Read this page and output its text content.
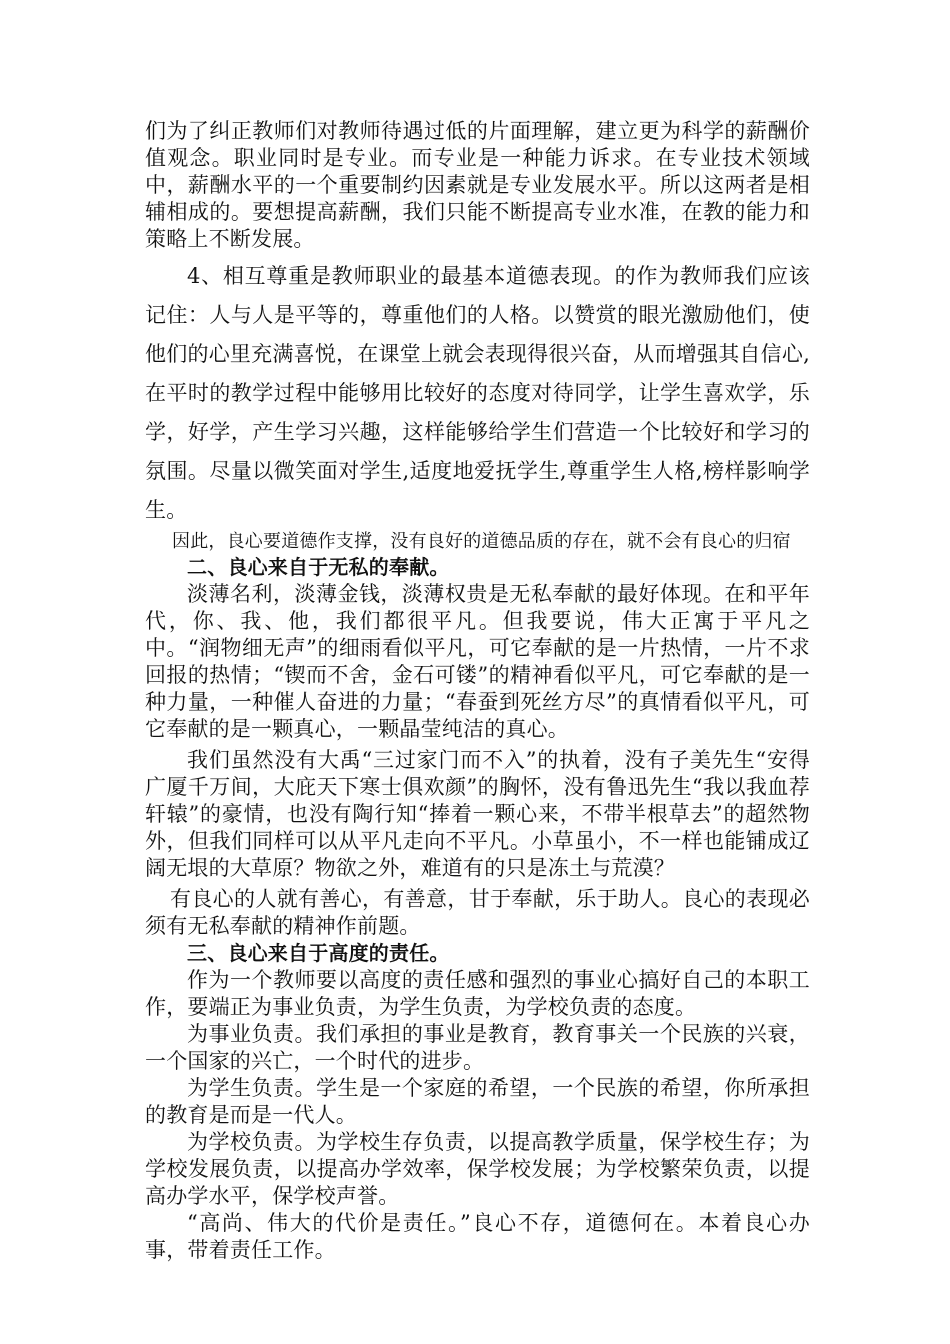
们为了纠正教师们对教师待遇过低的片面理解，建立更为科学的薪酬价值观念。职业同时是专业。而专业是一种能力诉求。在专业技术领域中，薪酬水平的一个重要制约因素就是专业发展水平。所以这两者是相辅相成的。要想提高薪酬，我们只能不断提高专业水准，在教的能力和策略上不断发展。

4、相互尊重是教师职业的最基本道德表现。的作为教师我们应该记住：人与人是平等的，尊重他们的人格。以赞赏的眼光激励他们，使他们的心里充满喜悦，在课堂上就会表现得很兴奋，从而增强其自信心,在平时的教学过程中能够用比较好的态度对待同学，让学生喜欢学，乐学，好学，产生学习兴趣，这样能够给学生们营造一个比较好和学习的氛围。尽量以微笑面对学生,适度地爱抚学生,尊重学生人格,榜样影响学生。

因此，良心要道德作支撑，没有良好的道德品质的存在，就不会有良心的归宿

二、良心来自于无私的奉献。

淡薄名利，淡薄金钱，淡薄权贵是无私奉献的最好体现。在和平年代，你、我、他，我们都很平凡。但我要说，伟大正寓于平凡之中。“润物细无声”的细雨看似平凡，可它奉献的是一片热情，一片不求回报的热情；“锲而不舍，金石可镂”的精神看似平凡，可它奉献的是一种力量，一种催人奋进的力量；“春蚕到死丝方尽”的真情看似平凡，可它奉献的是一颗真心，一颗晶莹纯洁的真心。

我们虽然没有大禹“三过家门而不入”的执着，没有子美先生“安得广厦千万间，大庇天下寒士俱欢颜”的胸怀，没有鲁迅先生“我以我血荐轩辕”的豪情，也没有陶行知“捧着一颗心来，不带半根草去”的超然物外，但我们同样可以从平凡走向不平凡。小草虽小，不一样也能铺成辽阔无垠的大草原？物欲之外，难道有的只是冻土与荒漠？

有良心的人就有善心，有善意，甘于奉献，乐于助人。良心的表现必须有无私奉献的精神作前题。

三、良心来自于高度的责任。

作为一个教师要以高度的责任感和强烈的事业心搞好自己的本职工作，要端正为事业负责，为学生负责，为学校负责的态度。

为事业负责。我们承担的事业是教育，教育事关一个民族的兴衰，一个国家的兴亡，一个时代的进步。

为学生负责。学生是一个家庭的希望，一个民族的希望，你所承担的教育是而是一代人。

为学校负责。为学校生存负责，以提高教学质量，保学校生存；为学校发展负责，以提高办学效率，保学校发展；为学校繁荣负责，以提高办学水平，保学校声誉。

“高尚、伟大的代价是责任。”良心不存，道德何在。本着良心办事，带着责任工作。
